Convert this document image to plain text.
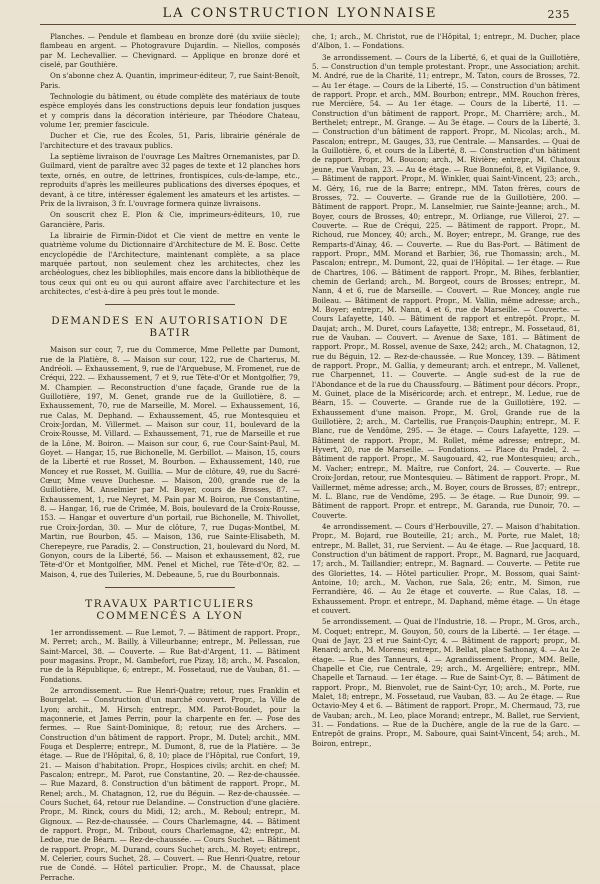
LA CONSTRUCTION LYONNAISE	235

Planches. — Pendule et flambeau en bronze doré (du xviiie siècle); flambeau en argent. — Photogravure Dujardin. — Niellos, composés par M. Lechevallier. — Chevignard. — Applique en bronze doré et ciselé, par Gouthière.

On s'abonne chez A. Quantin, imprimeur-éditeur, 7, rue Saint-Benoît, Paris.

Technologie du bâtiment, ou étude complète des matériaux de toute espèce employés dans les constructions depuis leur fondation jusques et y compris dans la décoration intérieure, par Théodore Chateau, volume 1er, premier fascicule.

Ducher et Cie, rue des Écoles, 51, Paris, librairie générale de l'architecture et des travaux publics.

La septième livraison de l'ouvrage Les Maîtres Ornemanistes, par D. Guilmard, vient de paraître avec 32 pages de texte et 12 planches hors texte, ornés, en outre, de lettrines, frontispices, culs-de-lampe, etc., reproduits d'après les meilleures publications des diverses époques, et devant, à ce titre, intéresser également les amateurs et les artistes. — Prix de la livraison, 3 fr. L'ouvrage formera quinze livraisons.

On souscrit chez E. Plon & Cie, imprimeurs-éditeurs, 10, rue Garancière, Paris.

La librairie de Firmin-Didot et Cie vient de mettre en vente le quatrième volume du Dictionnaire d'Architecture de M. E. Bosc. Cette encyclopédie de l'Architecture, maintenant complète, a sa place marquée partout, non seulement chez les architectes, chez les archéologues, chez les bibliophiles, mais encore dans la bibliothèque de tous ceux qui ont eu ou qui auront affaire avec l'architecture et les architectes, c'est-à-dire à peu près tout le monde.

DEMANDES EN AUTORISATION DE BATIR

Maison sur cour, 7, rue du Commerce, Mme Pellette par Dumont, rue de la Platière, 8. — Maison sur cour, 122, rue de Charterus, M. Andréoli. — Exhaussement, 9, rue de l'Arquebuse, M. Fromenet, rue de Créqui, 222. — Exhaussement, 7 et 9, rue Tête-d'Or et Montgolfier, 79, M. Champier. — Reconstruction d'une façade, Grande rue de la Guillotière, 197, M. Genet, grande rue de la Guillotière, 8. — Exhaussement, 70, rue de Marseille, M. Morel. — Exhaussement, 16, rue Calas, M. Dephand. — Exhaussement, 45, rue Montesquieu et Croix-Jordan, M. Villermet. — Maison sur cour, 11, boulevard de la Croix-Rousse, M. Villard. — Exhaussement, 71, rue de Marseille et rue de la Lône, M. Boiron. — Maison sur cour, 6, rue Cour-Saint-Paul, M. Goyet. — Hangar, 15, rue Bichonelle, M. Gerbillot. — Maison, 15, cours de la Liberté et rue Rosset, M. Bourbon. — Exhaussement, 140, rue Moncey et rue Rosset, M. Guillia. — Mur de clôture, 49, rue du Sacré-Cœur, Mme veuve Duchesne. — Maison, 200, grande rue de la Guillotière, M. Anselmier par M. Boyer, cours de Brosses, 87. — Exhaussement, 1, rue Neyret, M. Pain par M. Boiron, rue Constantine, 8. — Hangar, 16, rue de Crimée, M. Bois, boulevard de la Croix-Rousse, 153. — Hangar et ouverture d'un portail, rue Bichonelle, M. Thivollet, rue Croix-Jordan, 30. — Mur de clôture, 7, rue Dugas-Montbel, M. Martin, rue Bourbon, 45. — Maison, 136, rue Sainte-Elisabeth, M. Cherepeyre, rue Paradis, 2. — Construction, 21, boulevard du Nord, M. Gonyon, cours de la Liberté, 56. — Maison et exhaussement, 82, rue Tête-d'Or et Montgolfier, MM. Penel et Michel, rue Tête-d'Or, 82. — Maison, 4, rue des Tuileries, M. Debeaune, 5, rue du Bourbonnais.

TRAVAUX PARTICULIERS COMMENCÉS A LYON

1er arrondissement. — Rue Lemot, 7. — Bâtiment de rapport. Propr., M. Perret; arch., M. Bailly, à Villeurbanne; entrepr., M. Pellessan, rue Saint-Marcel, 38. — Couverte. — Rue Bat-d'Argent, 11. — Bâtiment pour magasins. Propr., M. Gambefort, rue Pizay, 18; arch., M. Pascalon, rue de la République, 6; entrepr., M. Fossetaud, rue de Vauban, 81. — Fondations.

2e arrondissement. — Rue Henri-Quatre; retour, rues Franklin et Bourgelat. — Construction d'un marché couvert. Propr., la Ville de Lyon; archit., M. Hirsch; entrepr., MM. Parot-Boudet, pour la maçonnerie, et James Perrin, pour la charpente en fer. — Pose des fermes. — Rue Saint-Dominique, 8; retour, rue des Archers. — Construction d'un bâtiment de rapport. Propr., M. Dutel; archit., MM. Fouga et Desplerre; entrepr., M. Dumont, 8, rue de la Platière. — 3e étage. — Rue de l'Hôpital, 6, 8, 10; place de l'Hôpital, rue Confort, 19, 21. — Maison d'habitation. Propr., Hospices civils; archit. en chef; M. Pascalon; entrepr., M. Parot, rue Constantine, 20. — Rez-de-chaussée. — Rue Mazard, 8. Construction d'un bâtiment de rapport. Propr., M. Renel; arch., M. Chatagnon, 12, rue du Béguin. — Rez-de-chaussée. — Cours Suchet, 64, retour rue Delandine. — Construction d'une glacière. Propr., M. Rinck, cours du Midi, 12; arch., M. Reboul; entrepr., M. Gignoux. — Rez-de-chaussée. — Cours Charlemagne, 44. — Bâtiment de rapport. Propr., M. Tribout, cours Charlemagne, 42; entrepr., M. Ledue, rue de Béarn. — Rez-de-chaussée. — Cours Suchet. — Bâtiment de rapport. Propr., M. Durand, cours Suchet; arch., M. Royet; entrepr., M. Celerier, cours Suchet, 28. — Couvert. — Rue Henri-Quatre, retour rue de Condé. — Hôtel particulier. Propr., M. de Chaussat, place Perrache.

che, 1; arch., M. Christot, rue de l'Hôpital, 1; entrepr., M. Ducher, place d'Albon, 1. — Fondations.

3e arrondissement. — Cours de la Liberté, 6, et quai de la Guillotière, 5. — Construction d'un temple protestant. Propr., une Association; archit. M. André, rue de la Charité, 11; entrepr., M. Taton, cours de Brosses, 72. — Au 1er étage. — Cours de la Liberté, 15. — Construction d'un bâtiment de rapport. Propr. et arch., MM. Bourbon; entrepr., MM. Rouchon frères, rue Mercière, 54. — Au 1er étage. — Cours de la Liberté, 11. — Construction d'un bâtiment de rapport. Propr., M. Charrière; arch., M. Berthelet; entrepr., M. Grange. — Au 3e étage. — Cours de la Liberté, 3. — Construction d'un bâtiment de rapport. Propr., M. Nicolas; arch., M. Pascalon; entrepr., M. Gauges, 33, rue Centrale. — Mansardes. — Quai de la Guillotière, 6, et cours de la Liberté, 8. — Construction d'un bâtiment de rapport. Propr., M. Boucon; arch., M. Rivière; entrepr., M. Chatoux jeune, rue Vauban, 23. — Au 4e étage. — Rue Bonnefoi, 8, et Vigilance, 9. — Bâtiment de rapport. Propr., M. Winkler, quai Saint-Vincent, 23; arch., M. Géry, 16, rue de la Barre; entrepr., MM. Taton frères, cours de Brosses, 72. — Couverte. — Grande rue de la Guillotière, 200. — Bâtiment de rapport. Propr., M. Lanselmier, rue Sainte-Jeanne; arch., M. Boyer, cours de Brosses, 40; entrepr., M. Orliange, rue Villeroi, 27. — Couverte. — Rue de Créqui, 225. — Bâtiment de rapport. Propr., M. Richoud, rue Moncey, 40; arch., M. Boyer; entrepr., M. Grange, rue des Remparts-d'Ainay, 46. — Couverte. — Rue du Bas-Port. — Bâtiment de rapport. Propr., MM. Morand et Barbier, 36, rue Thomassin; arch., M. Pascalon; entrepr., M. Dumont, 22, quai de l'Hôpital. — 1er étage. — Rue de Chartres, 106. — Bâtiment de rapport. Propr., M. Bihes, ferblantier, chemin de Gerland; arch., M. Borgeot, cours de Brosses; entrepr., M. Nann, 4 et 6, rue de Marseille. — Couvert. — Rue Moncey, angle rue Boileau. — Bâtiment de rapport. Propr., M. Vallin, même adresse; arch., M. Boyer; entrepr., M. Nann, 4 et 6, rue de Marseille. — Couverte. — Cours Lafayette, 140. — Bâtiment de rapport et entrepôt. Propr., M. Daujat; arch., M. Duret, cours Lafayette, 138; entrepr., M. Fossetaud, 81, rue de Vauban. — Couvert. — Avenue de Saxe, 181. — Bâtiment de rapport. Propr., M. Rossel, avenue de Saxe, 242; arch., M. Chatagnon, 12, rue du Béguin, 12. — Rez-de-chaussée. — Rue Moncey, 139. — Bâtiment de rapport. Propr., M. Gallia, y demeurant; arch. et entrepr., M. Vallenet, rue Charpennet, 11. — Couverte. — Angle sud-est de la rue de l'Abondance et de la rue du Chaussfourg. — Bâtiment pour décors. Propr., M. Guinet, place de la Miséricorde; arch. et entrepr., M. Ledue, rue de Béarn, 15. — Couverte. — Grande rue de la Guillotière, 192. — Exhaussement d'une maison. Propr., M. Grol, Grande rue de la Guillotière, 2; arch., M. Cartellis, rue François-Dauphin; entrepr., M. F. Blanc, rue de Vendôme, 295. — 3e étage. — Cours Lafayette, 129. — Bâtiment de rapport. Propr., M. Rollet, même adresse; entrepr., M. Hyvert, 20, rue de Marseille. — Fondations. — Place du Pradel, 2. — Bâtiment de rapport. Propr., M. Saugouard, 42, rue Montesquieu; arch., M. Vacher; entrepr., M. Maître, rue Confort, 24. — Couverte. — Rue Croix-Jordan, retour, rue Montesquieu. — Bâtiment de rapport. Propr., M. Vaillermet, même adresse; arch., M. Boyer, cours de Brosses, 87; entrepr., M. L. Blanc, rue de Vendôme, 295. — 3e étage. — Rue Dunoir, 99. — Bâtiment de rapport. Propr. et entrepr., M. Garanda, rue Dunoir, 70. — Couverte.

4e arrondissement. — Cours d'Herbouville, 27. — Maison d'habitation. Propr., M. Bojard, rue Bouteille, 21; arch., M. Porte, rue Malet, 18; entrepr., M. Ballet, 31, rue Servient. — Au 4e étage. — Rue Jacquard, 18. Construction d'un bâtiment de rapport. Propr., M. Bagnard, rue Jacquard, 17; arch., M. Taillandier; entrepr., M. Bagnard. — Couverte. — Petite rue des Gloriettes, 14. — Hôtel particulier. Propr., M. Bossom, quai Saint-Antoine, 10; arch., M. Vachon, rue Sala, 26; entr., M. Simon, rue Ferrandière, 46. — Au 2e étage et couverte. — Rue Calas, 18. — Exhaussement. Propr. et entrepr., M. Daphand, même étage. — Un étage et couvert.

5e arrondissement. — Quai de l'Industrie, 18. — Propr., M. Gros, arch., M. Coquet; entrepr., M. Gouyon, 50, cours de la Liberté. — 1er étage. — Quai de Jayr, 23 et rue Saint-Cyr, 4. — Bâtiment de rapport; propr., M. Renard; arch., M. Morens; entrepr., M. Bellat, place Sathonay, 4. — Au 2e étage. — Rue des Tanneurs, 4. — Agrandissement. Propr., MM. Belle, Chapelle et Cie, rue Centrale, 29; arch., M. Argellière; entrepr., MM. Chapelle et Tarnaud. — 1er étage. — Rue de Saint-Cyr, 8. — Bâtiment de rapport. Propr., M. Bienvolet, rue de Saint-Cyr, 10; arch., M. Porte, rue Malet, 18; entrepr., M. Fossetaud, rue Vauban, 83. — Au 2e étage. — Rue Octavio-Mey 4 et 6. — Bâtiment de rapport. Propr., M. Chermaud, 73, rue de Vauban; arch., M. Leo, place Morand; entrepr., M. Ballet, rue Servient, 31. — Fondations. — Rue de la Duchère, angle de la rue de la Garc. — Entrepôt de grains. Propr., M. Saboure, quai Saint-Vincent, 54; arch., M. Boiron, entrepr.,
